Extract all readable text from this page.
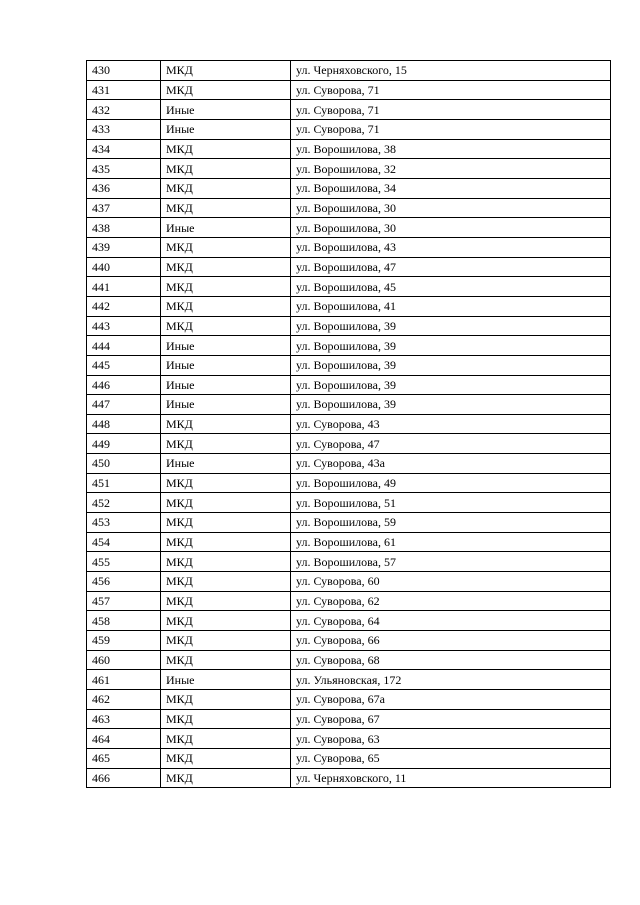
430	МКД	ул. Черняховского, 15
431	МКД	ул. Суворова, 71
432	Иные	ул. Суворова, 71
433	Иные	ул. Суворова, 71
434	МКД	ул. Ворошилова, 38
435	МКД	ул. Ворошилова, 32
436	МКД	ул. Ворошилова, 34
437	МКД	ул. Ворошилова, 30
438	Иные	ул. Ворошилова, 30
439	МКД	ул. Ворошилова, 43
440	МКД	ул. Ворошилова, 47
441	МКД	ул. Ворошилова, 45
442	МКД	ул. Ворошилова, 41
443	МКД	ул. Ворошилова, 39
444	Иные	ул. Ворошилова, 39
445	Иные	ул. Ворошилова, 39
446	Иные	ул. Ворошилова, 39
447	Иные	ул. Ворошилова, 39
448	МКД	ул. Суворова, 43
449	МКД	ул. Суворова, 47
450	Иные	ул. Суворова, 43а
451	МКД	ул. Ворошилова, 49
452	МКД	ул. Ворошилова, 51
453	МКД	ул. Ворошилова, 59
454	МКД	ул. Ворошилова, 61
455	МКД	ул. Ворошилова, 57
456	МКД	ул. Суворова, 60
457	МКД	ул. Суворова, 62
458	МКД	ул. Суворова, 64
459	МКД	ул. Суворова, 66
460	МКД	ул. Суворова, 68
461	Иные	ул. Ульяновская, 172
462	МКД	ул. Суворова, 67а
463	МКД	ул. Суворова, 67
464	МКД	ул. Суворова, 63
465	МКД	ул. Суворова, 65
466	МКД	ул. Черняховского, 11
